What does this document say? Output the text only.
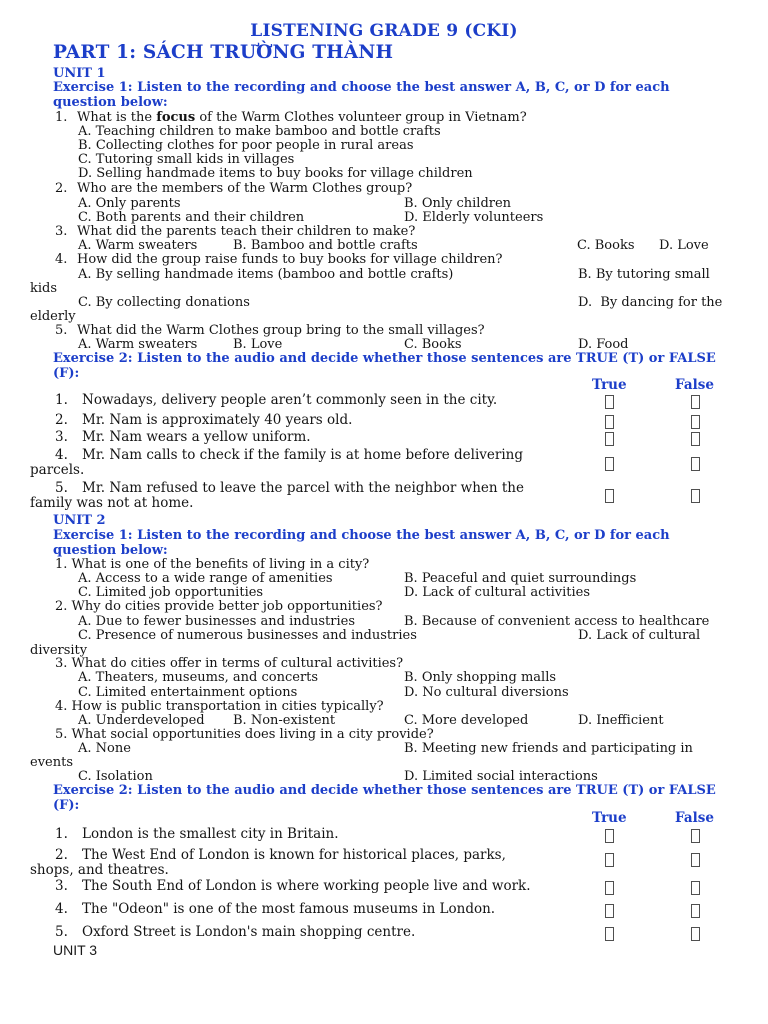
LISTENING GRADE 9 (CKI)
PART 1: SÁCH TRƯỜNG THÀNH
UNIT 1
Exercise 1: Listen to the recording and choose the best answer A, B, C, or D for each
question below:
1. What is the focus of the Warm Clothes volunteer group in Vietnam?
A. Teaching children to make bamboo and bottle crafts
B. Collecting clothes for poor people in rural areas
C. Tutoring small kids in villages
D. Selling handmade items to buy books for village children
2. Who are the members of the Warm Clothes group?
A. Only parents	B. Only children
C. Both parents and their children	D. Elderly volunteers
3. What did the parents teach their children to make?
A. Warm sweaters	B. Bamboo and bottle crafts	C. Books D. Love
4. How did the group raise funds to buy books for village children?
A. By selling handmade items (bamboo and bottle crafts)	B. By tutoring small
kids
C. By collecting donations	D.  By dancing for the
elderly
5. What did the Warm Clothes group bring to the small villages?
A. Warm sweaters	B. Love	C. Books	D. Food
Exercise 2: Listen to the audio and decide whether those sentences are TRUE (T) or FALSE
(F):
True	False
1. Nowadays, delivery people aren’t commonly seen in the city.
2. Mr. Nam is approximately 40 years old.
3. Mr. Nam wears a yellow uniform.
4. Mr. Nam calls to check if the family is at home before delivering
parcels.
5. Mr. Nam refused to leave the parcel with the neighbor when the
family was not at home.
UNIT 2
Exercise 1: Listen to the recording and choose the best answer A, B, C, or D for each
question below:
1. What is one of the benefits of living in a city?
A. Access to a wide range of amenities	B. Peaceful and quiet surroundings
C. Limited job opportunities	D. Lack of cultural activities
2. Why do cities provide better job opportunities?
A. Due to fewer businesses and industries	B. Because of convenient access to healthcare
C. Presence of numerous businesses and industries	D. Lack of cultural
diversity
3. What do cities offer in terms of cultural activities?
A. Theaters, museums, and concerts	B. Only shopping malls
C. Limited entertainment options	D. No cultural diversions
4. How is public transportation in cities typically?
A. Underdeveloped B. Non-existent	C. More developed	D. Inefficient
5. What social opportunities does living in a city provide?
A. None	B. Meeting new friends and participating in
events
C. Isolation	D. Limited social interactions
Exercise 2: Listen to the audio and decide whether those sentences are TRUE (T) or FALSE
(F):
True	False
1. London is the smallest city in Britain.
2. The West End of London is known for historical places, parks,
shops, and theatres.
3. The South End of London is where working people live and work.
4. The "Odeon" is one of the most famous museums in London.
5. Oxford Street is London's main shopping centre.
UNIT 3
